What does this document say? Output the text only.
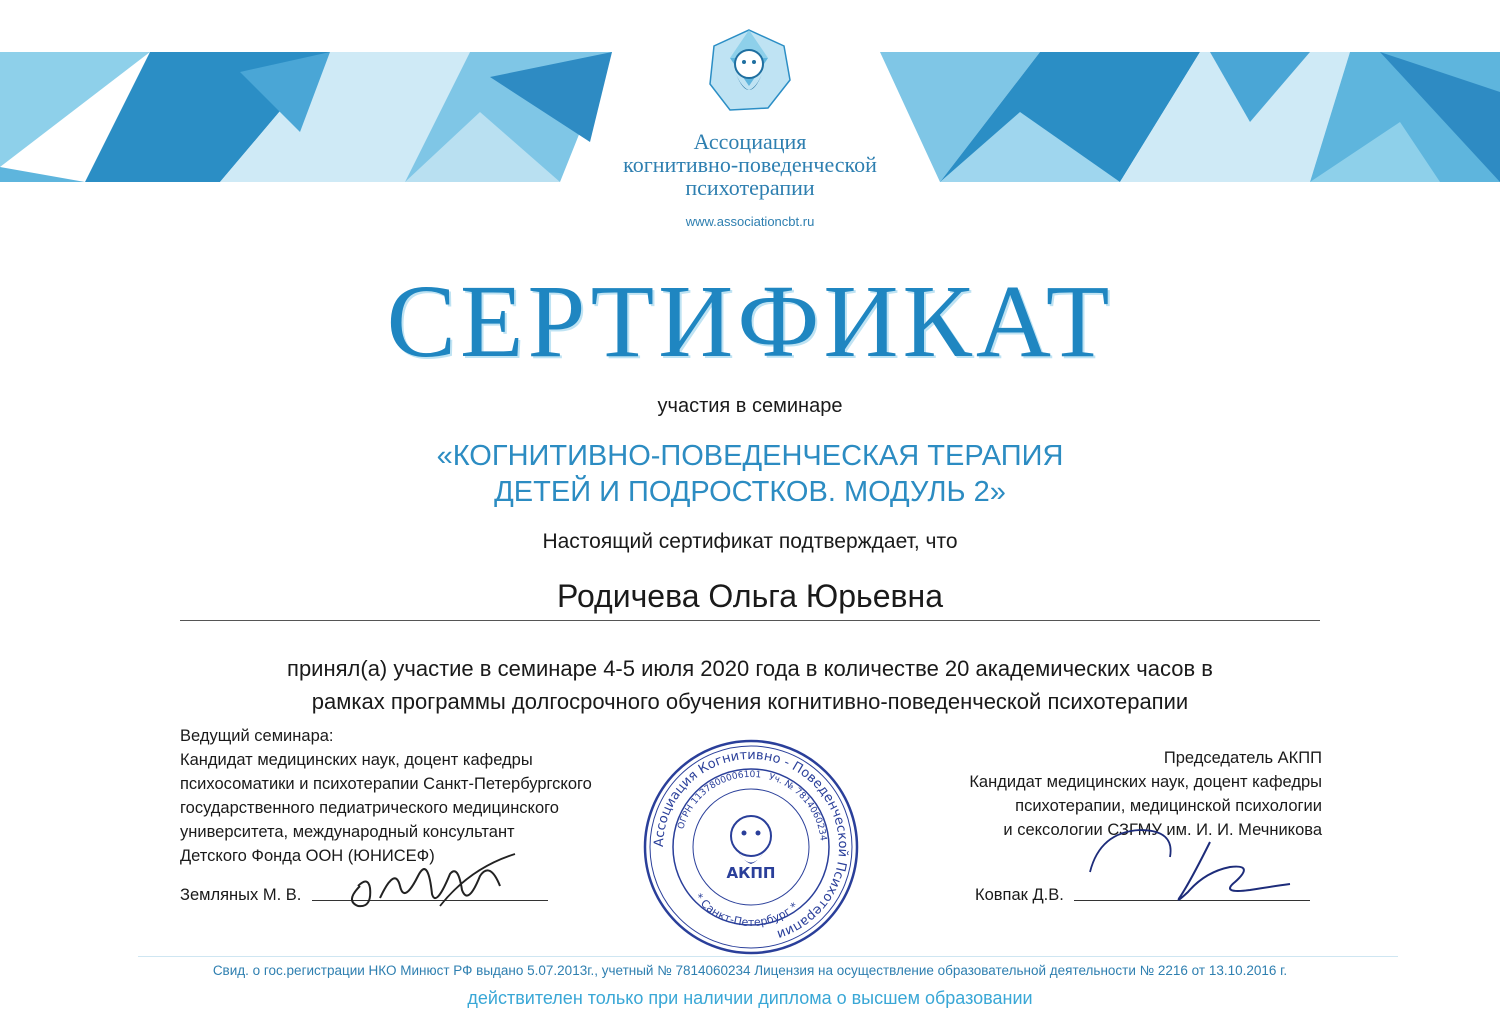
Ассоциация
когнитивно-поведенческой
психотерапии
www.associationcbt.ru
СЕРТИФИКАТ
участия в семинаре
«КОГНИТИВНО-ПОВЕДЕНЧЕСКАЯ ТЕРАПИЯ
ДЕТЕЙ И ПОДРОСТКОВ. МОДУЛЬ 2»
Настоящий сертификат подтверждает, что
Родичева Ольга Юрьевна
принял(а) участие в семинаре 4-5 июля 2020 года в количестве 20 академических часов в
рамках программы долгосрочного обучения когнитивно-поведенческой психотерапии
Ведущий семинара:
Кандидат медицинских наук, доцент кафедры
психосоматики и психотерапии Санкт-Петербургского
государственного педиатрического медицинского
университета, международный консультант
Детского Фонда ООН (ЮНИСЕФ)
Земляных М. В.
Председатель АКПП
Кандидат медицинских наук, доцент кафедры
психотерапии, медицинской психологии
и сексологии СЗГМУ им. И. И. Мечникова
Ковпак Д.В.
Ассоциация Когнитивно - Поведенческой Психотерапии
ОГРН 1137800006101 Уч. № 7814060234
* Санкт-Петербург *
АКПП
Свид. о гос.регистрации НКО Минюст РФ выдано 5.07.2013г., учетный № 7814060234 Лицензия на осуществление образовательной деятельности № 2216 от 13.10.2016 г.
действителен только при наличии диплома о высшем образовании
